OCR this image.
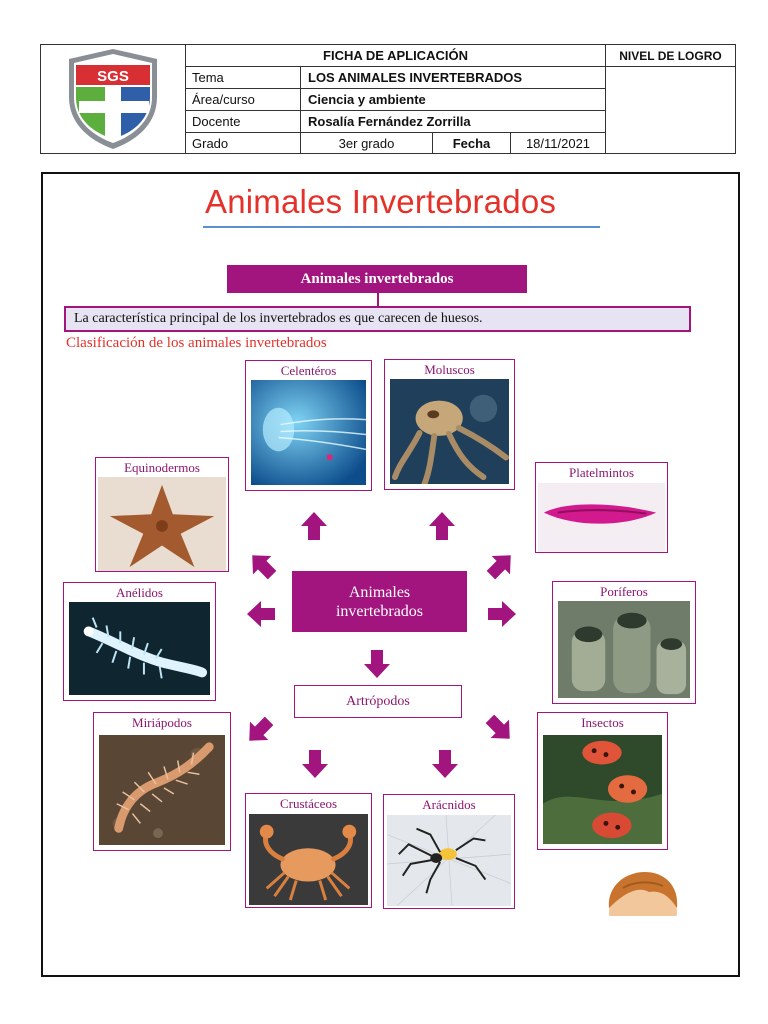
SGS
FICHA DE APLICACIÓN	NIVEL DE LOGRO
Tema	LOS ANIMALES INVERTEBRADOS
Área/curso	Ciencia y ambiente
Docente	Rosalía Fernández Zorrilla
Grado	3er grado	Fecha	18/11/2021
Animales Invertebrados
Animales invertebrados
La característica principal de los invertebrados es que carecen de huesos.
Clasificación de los animales invertebrados
Celentéros	Moluscos
Equinodermos	Platelmintos
Anélidos	Poríferos
Miriápodos	Insectos
Crustáceos	Arácnidos
Animales
invertebrados
Artrópodos
